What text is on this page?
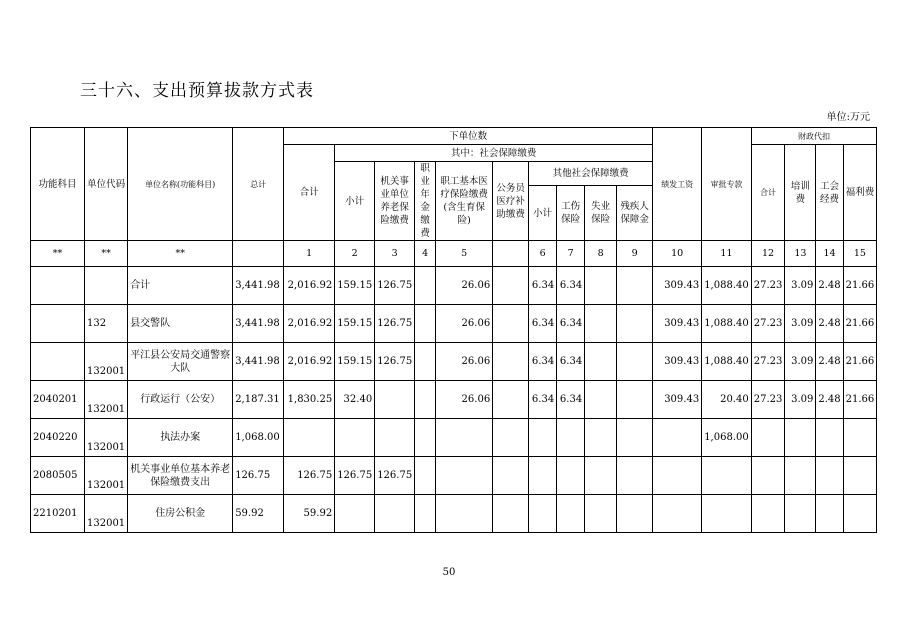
三十六、支出预算拔款方式表
单位:万元
功能科目	单位代码	单位名称(功能科目)	总计	下单位数										绩发工资	审批专款	财政代扣			
				合计	其中：社会保障缴费											合计	培训费	工会经费	福利费
					小计	机关事业单位养老保险缴费	职业年金缴费	职工基本医疗保险缴费(含生育保险)	公务员医疗补助缴费	其他社会保障缴费									
										小计	工伤保险	失业保险	残疾人保障金						
**	**	**		1	2	3	4	5		6	7	8	9	10	11	12	13	14	15
		合计	3,441.98	2,016.92	159.15	126.75		26.06		6.34	6.34			309.43	1,088.40	27.23	3.09	2.48	21.66
	132	县交警队	3,441.98	2,016.92	159.15	126.75		26.06		6.34	6.34			309.43	1,088.40	27.23	3.09	2.48	21.66
	132001	平江县公安局交通警察大队	3,441.98	2,016.92	159.15	126.75		26.06		6.34	6.34			309.43	1,088.40	27.23	3.09	2.48	21.66
2040201	132001	行政运行（公安）	2,187.31	1,830.25	32.40			26.06		6.34	6.34			309.43	20.40	27.23	3.09	2.48	21.66
2040220	132001	执法办案	1,068.00												1,068.00				
2080505	132001	机关事业单位基本养老保险缴费支出	126.75	126.75	126.75	126.75													
2210201	132001	住房公积金	59.92	59.92															
50
